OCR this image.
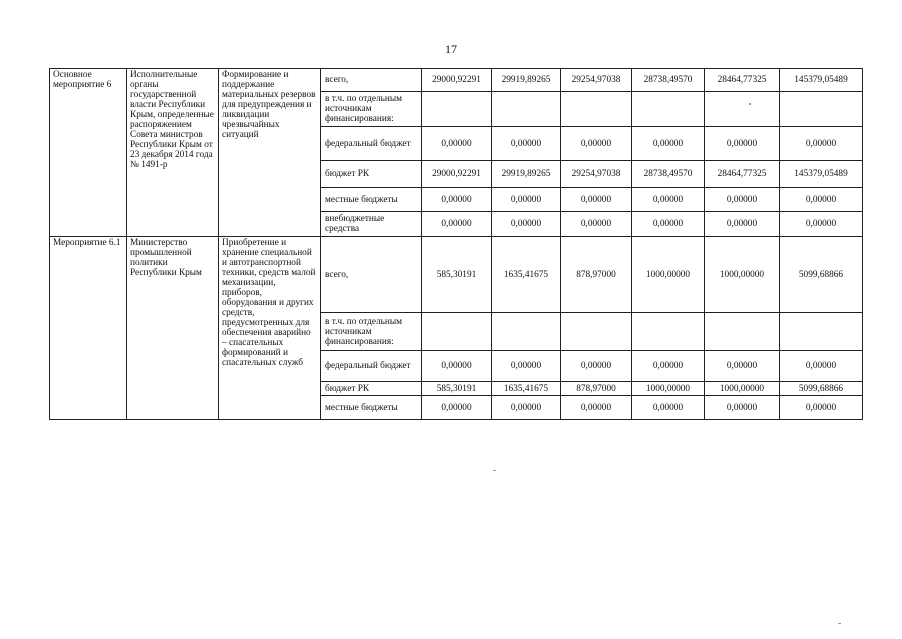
17
Основное мероприятие 6	Исполнительные органы государственной власти Республики Крым, определенные распоряжением Совета министров Республики Крым от 23 декабря 2014 года № 1491-р	Формирование и поддержание материальных резервов для предупреждения и ликвидации чрезвычайных ситуаций	всего,	29000,92291	29919,89265	29254,97038	28738,49570	28464,77325	145379,05489
			в т.ч. по отдельным источникам финансирования:						
			федеральный бюджет	0,00000	0,00000	0,00000	0,00000	0,00000	0,00000
			бюджет РК	29000,92291	29919,89265	29254,97038	28738,49570	28464,77325	145379,05489
			местные бюджеты	0,00000	0,00000	0,00000	0,00000	0,00000	0,00000
			внебюджетные средства	0,00000	0,00000	0,00000	0,00000	0,00000	0,00000
Мероприятие 6.1	Министерство промышленной политики Республики Крым	Приобретение и хранение специальной и автотранспортной техники, средств малой механизации, приборов, оборудования и других средств, предусмотренных для обеспечения аварийно – спасательных формирований и спасательных служб	всего,	585,30191	1635,41675	878,97000	1000,00000	1000,00000	5099,68866
			в т.ч. по отдельным источникам финансирования:						
			федеральный бюджет	0,00000	0,00000	0,00000	0,00000	0,00000	0,00000
			бюджет РК	585,30191	1635,41675	878,97000	1000,00000	1000,00000	5099,68866
			местные бюджеты	0,00000	0,00000	0,00000	0,00000	0,00000	0,00000
